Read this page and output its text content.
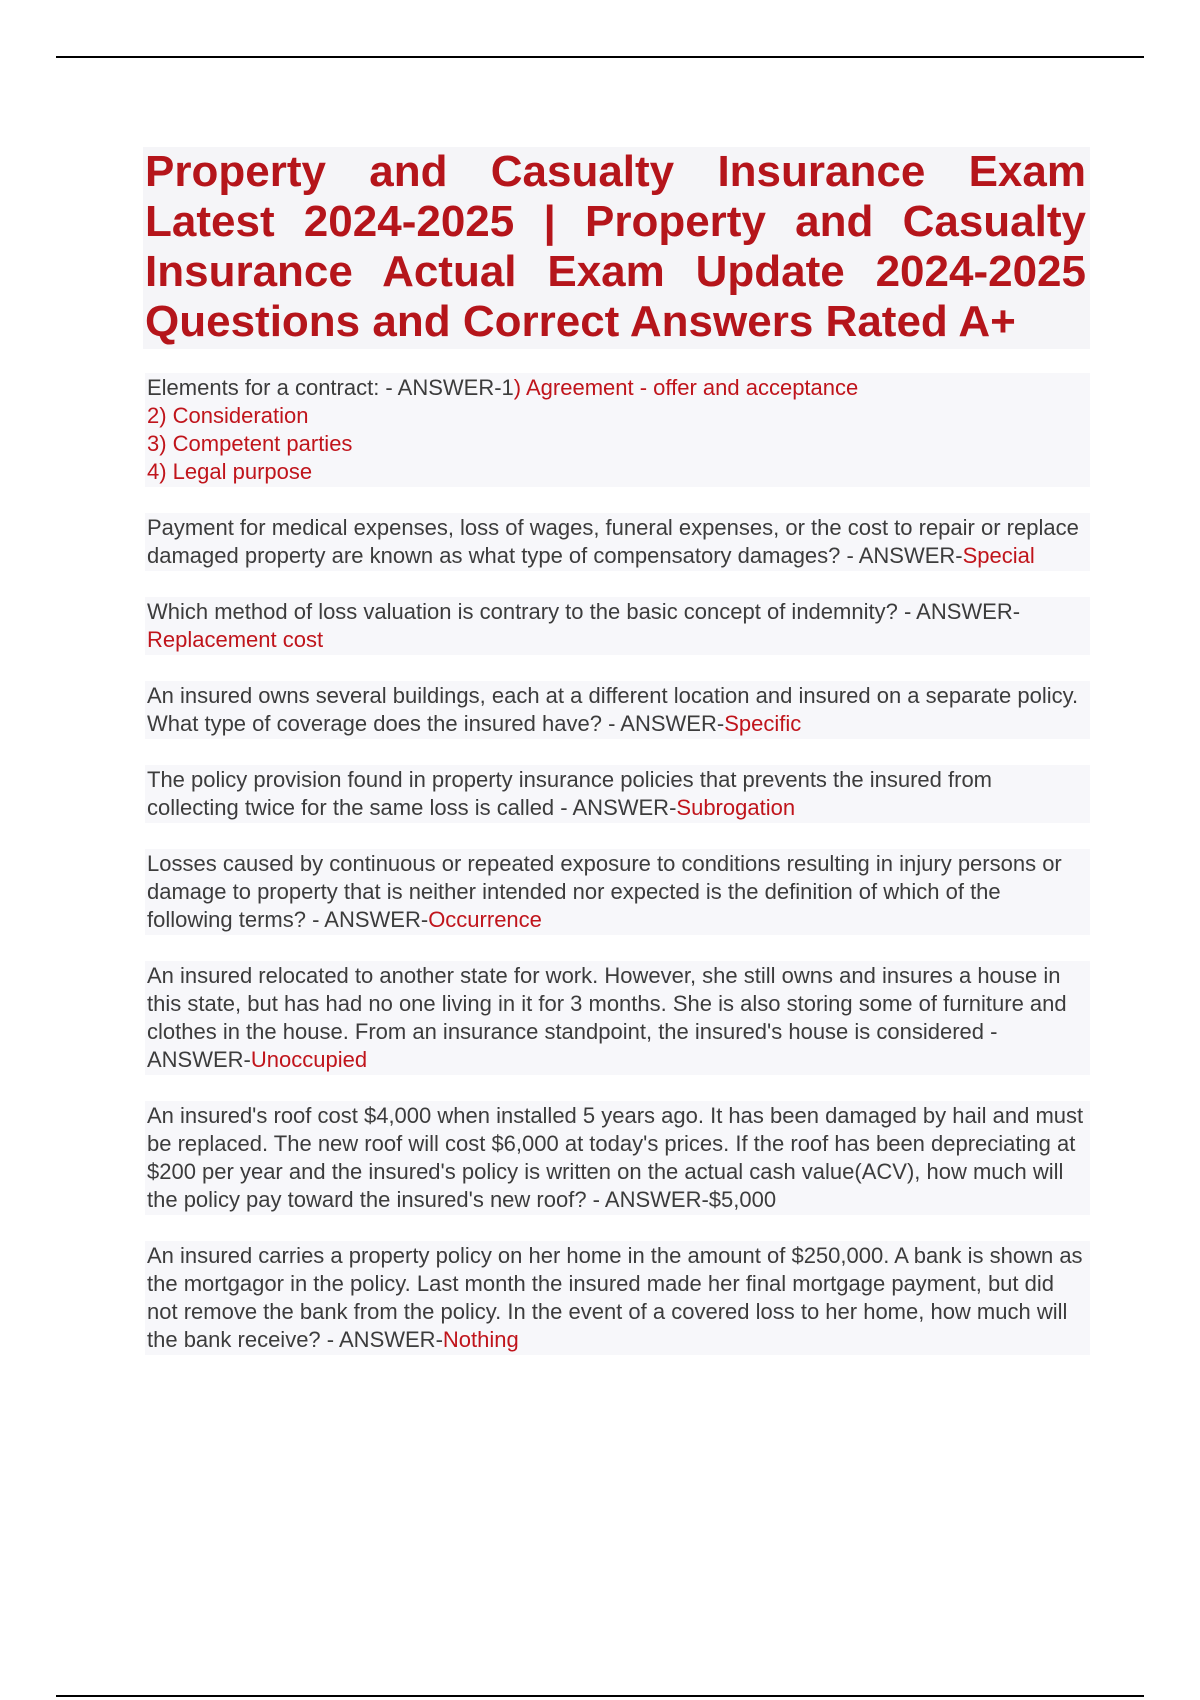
Property and Casualty Insurance Exam Latest 2024-2025 | Property and Casualty Insurance Actual Exam Update 2024-2025 Questions and Correct Answers Rated A+
Elements for a contract: - ANSWER-1) Agreement - offer and acceptance
2) Consideration
3) Competent parties
4) Legal purpose
Payment for medical expenses, loss of wages, funeral expenses, or the cost to repair or replace damaged property are known as what type of compensatory damages? - ANSWER-Special
Which method of loss valuation is contrary to the basic concept of indemnity? - ANSWER-Replacement cost
An insured owns several buildings, each at a different location and insured on a separate policy. What type of coverage does the insured have? - ANSWER-Specific
The policy provision found in property insurance policies that prevents the insured from collecting twice for the same loss is called - ANSWER-Subrogation
Losses caused by continuous or repeated exposure to conditions resulting in injury persons or damage to property that is neither intended nor expected is the definition of which of the following terms? - ANSWER-Occurrence
An insured relocated to another state for work. However, she still owns and insures a house in this state, but has had no one living in it for 3 months. She is also storing some of furniture and clothes in the house. From an insurance standpoint, the insured's house is considered - ANSWER-Unoccupied
An insured's roof cost $4,000 when installed 5 years ago. It has been damaged by hail and must be replaced. The new roof will cost $6,000 at today's prices. If the roof has been depreciating at $200 per year and the insured's policy is written on the actual cash value(ACV), how much will the policy pay toward the insured's new roof? - ANSWER-$5,000
An insured carries a property policy on her home in the amount of $250,000. A bank is shown as the mortgagor in the policy. Last month the insured made her final mortgage payment, but did not remove the bank from the policy. In the event of a covered loss to her home, how much will the bank receive? - ANSWER-Nothing
